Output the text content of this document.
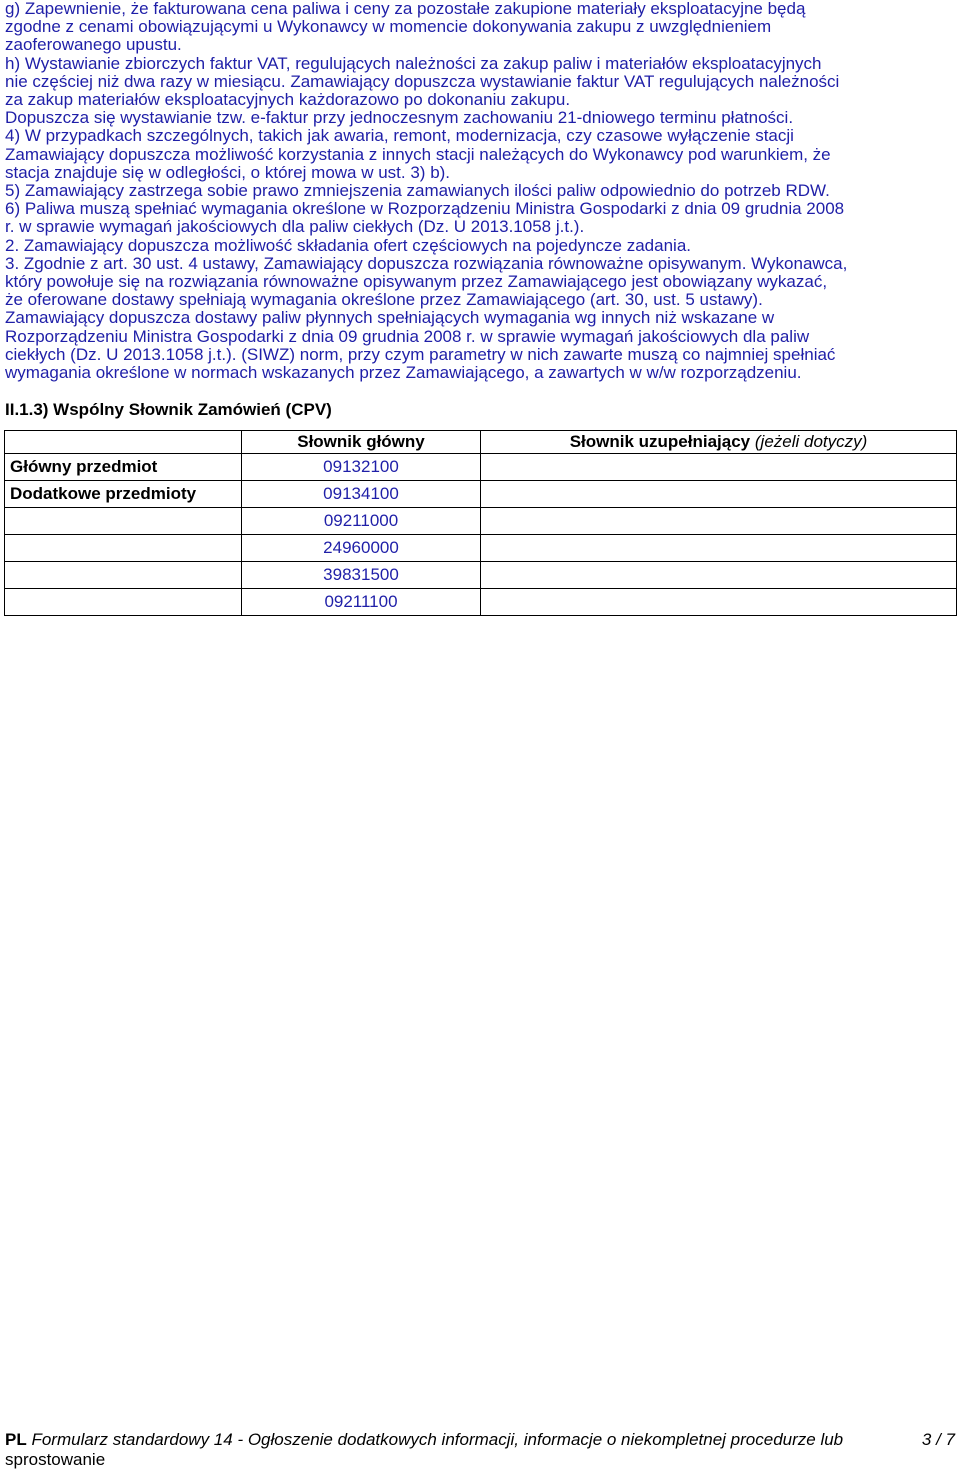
g) Zapewnienie, że fakturowana cena paliwa i ceny za pozostałe zakupione materiały eksploatacyjne będą
zgodne z cenami obowiązującymi u Wykonawcy w momencie dokonywania zakupu z uwzględnieniem
zaoferowanego upustu.
h) Wystawianie zbiorczych faktur VAT, regulujących należności za zakup paliw i materiałów eksploatacyjnych
nie częściej niż dwa razy w miesiącu. Zamawiający dopuszcza wystawianie faktur VAT regulujących należności
za zakup materiałów eksploatacyjnych każdorazowo po dokonaniu zakupu.
Dopuszcza się wystawianie tzw. e-faktur przy jednoczesnym zachowaniu 21-dniowego terminu płatności.
4) W przypadkach szczególnych, takich jak awaria, remont, modernizacja, czy czasowe wyłączenie stacji
Zamawiający dopuszcza możliwość korzystania z innych stacji należących do Wykonawcy pod warunkiem, że
stacja znajduje się w odległości, o której mowa w ust. 3) b).
5) Zamawiający zastrzega sobie prawo zmniejszenia zamawianych ilości paliw odpowiednio do potrzeb RDW.
6) Paliwa muszą spełniać wymagania określone w Rozporządzeniu Ministra Gospodarki z dnia 09 grudnia 2008
r. w sprawie wymagań jakościowych dla paliw ciekłych (Dz. U 2013.1058 j.t.).
2. Zamawiający dopuszcza możliwość składania ofert częściowych na pojedyncze zadania.
3. Zgodnie z art. 30 ust. 4 ustawy, Zamawiający dopuszcza rozwiązania równoważne opisywanym. Wykonawca,
który powołuje się na rozwiązania równoważne opisywanym przez Zamawiającego jest obowiązany wykazać,
że oferowane dostawy spełniają wymagania określone przez Zamawiającego (art. 30, ust. 5 ustawy).
Zamawiający dopuszcza dostawy paliw płynnych spełniających wymagania wg innych niż wskazane w
Rozporządzeniu Ministra Gospodarki z dnia 09 grudnia 2008 r. w sprawie wymagań jakościowych dla paliw
ciekłych (Dz. U 2013.1058 j.t.). (SIWZ) norm, przy czym parametry w nich zawarte muszą co najmniej spełniać
wymagania określone w normach wskazanych przez Zamawiającego, a zawartych w w/w rozporządzeniu.
II.1.3) Wspólny Słownik Zamówień (CPV)
	Słownik główny	Słownik uzupełniający (jeżeli dotyczy)
Główny przedmiot	09132100	
Dodatkowe przedmioty	09134100	
	09211000	
	24960000	
	39831500	
	09211100	
PL Formularz standardowy 14 - Ogłoszenie dodatkowych informacji, informacje o niekompletnej procedurze lub
sprostowanie
3 / 7
